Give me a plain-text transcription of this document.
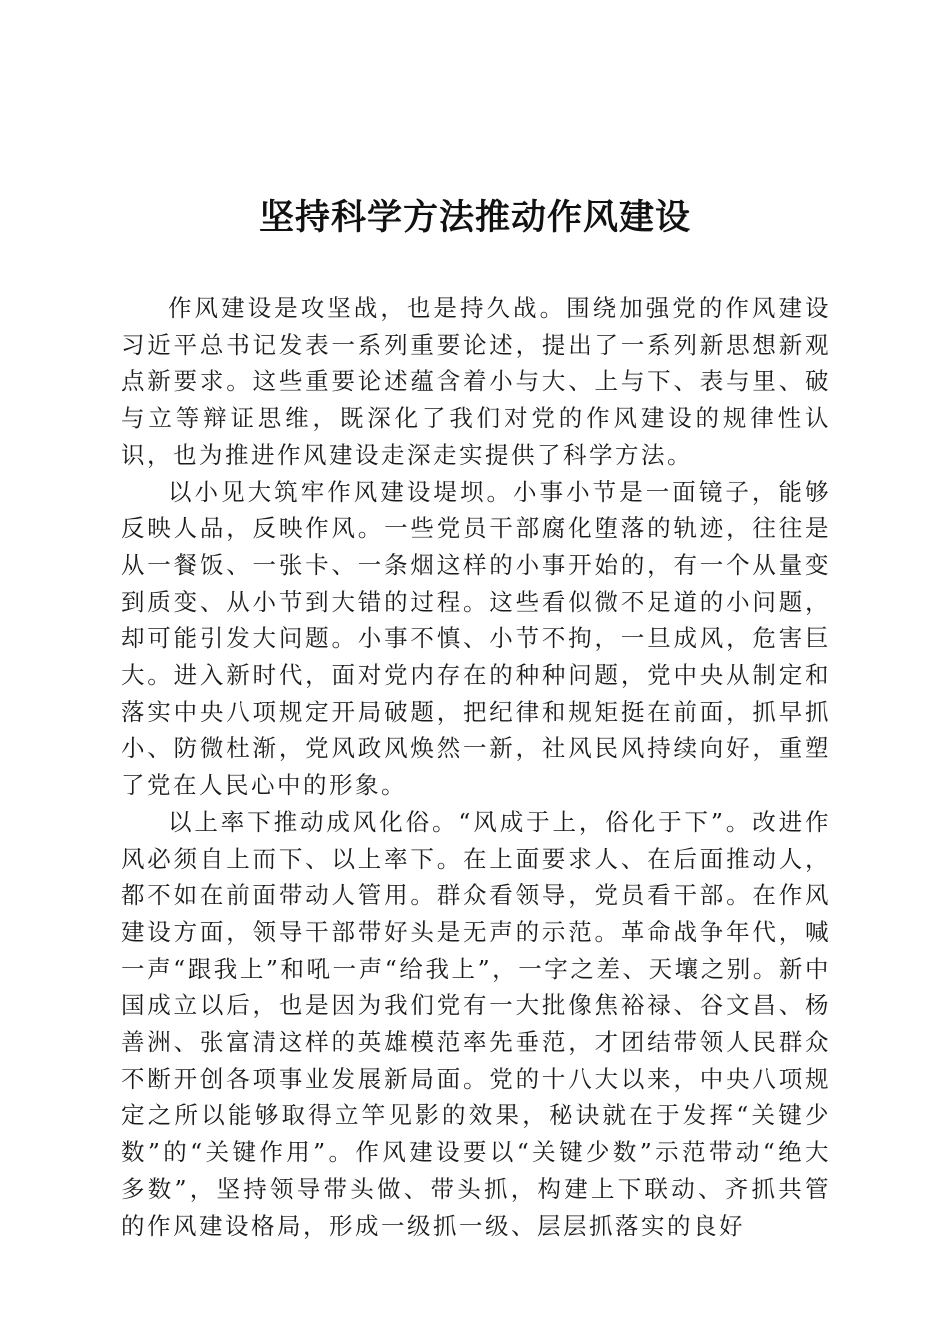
坚持科学方法推动作风建设

作风建设是攻坚战，也是持久战。围绕加强党的作风建设习近平总书记发表一系列重要论述，提出了一系列新思想新观点新要求。这些重要论述蕴含着小与大、上与下、表与里、破与立等辩证思维，既深化了我们对党的作风建设的规律性认识，也为推进作风建设走深走实提供了科学方法。

以小见大筑牢作风建设堤坝。小事小节是一面镜子，能够反映人品，反映作风。一些党员干部腐化堕落的轨迹，往往是从一餐饭、一张卡、一条烟这样的小事开始的，有一个从量变到质变、从小节到大错的过程。这些看似微不足道的小问题，却可能引发大问题。小事不慎、小节不拘，一旦成风，危害巨大。进入新时代，面对党内存在的种种问题，党中央从制定和落实中央八项规定开局破题，把纪律和规矩挺在前面，抓早抓小、防微杜渐，党风政风焕然一新，社风民风持续向好，重塑了党在人民心中的形象。

以上率下推动成风化俗。“风成于上，俗化于下”。改进作风必须自上而下、以上率下。在上面要求人、在后面推动人，都不如在前面带动人管用。群众看领导，党员看干部。在作风建设方面，领导干部带好头是无声的示范。革命战争年代，喊一声“跟我上”和吼一声“给我上”，一字之差、天壤之别。新中国成立以后，也是因为我们党有一大批像焦裕禄、谷文昌、杨善洲、张富清这样的英雄模范率先垂范，才团结带领人民群众不断开创各项事业发展新局面。党的十八大以来，中央八项规定之所以能够取得立竿见影的效果，秘诀就在于发挥“关键少数”的“关键作用”。作风建设要以“关键少数”示范带动“绝大多数”，坚持领导带头做、带头抓，构建上下联动、齐抓共管的作风建设格局，形成一级抓一级、层层抓落实的良好
